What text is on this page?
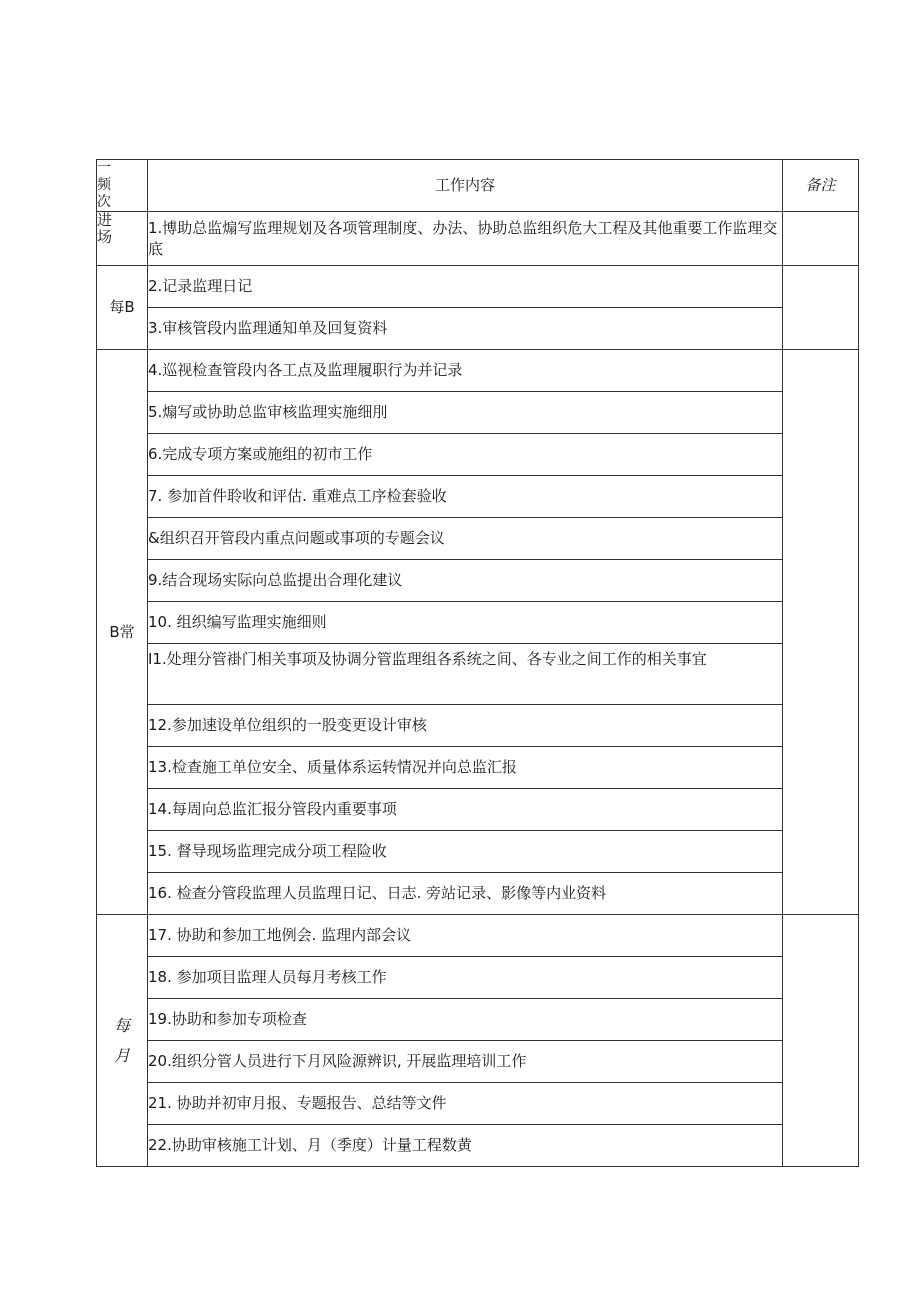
一
频
次	工作内容	备注

进
场	1.博助总监煽写监理规划及各项管理制度、办法、协助总监组织危大工程及其他重要工作监理交底	
每B	2.记录监理日记	
	3.审核管段内监理通知单及回复资料	
B常	4.巡视检查管段内各工点及监理履职行为并记录	
	5.煽写或协助总监审核监理实施细刖	
	6.完成专项方案或施组的初市工作	
	7. 参加首件聆收和评估. 重难点工序检套验收	
	&组织召开管段内重点问题或事项的专题会议	
	9.结合现场实际向总监提出合理化建议	
	10. 组织编写监理实施细则	
	I1.处理分管褂门相关事项及协调分管监理组各系统之间、各专业之间工作的相关事宜	
	12.参加速设单位组织的一股变更设计审核	
	13.检查施工单位安全、质量体系运转情况并向总监汇报	
	14.每周向总监汇报分管段内重要事项	
	15. 督导现场监理完成分项工程险收	
	16. 检查分管段监理人员监理日记、日志. 旁站记录、影像等内业资料	
每
月	17. 协助和参加工地例会. 监理内部会议	
	18. 参加项目监理人员每月考核工作	
	19.协助和参加专项检查	
	20.组织分管人员进行下月风险源辨识, 开展监理培训工作	
	21. 协助并初审月报、专题报告、总结等文件	
	22.协助审核施工计划、月（季度）计量工程数黄	
